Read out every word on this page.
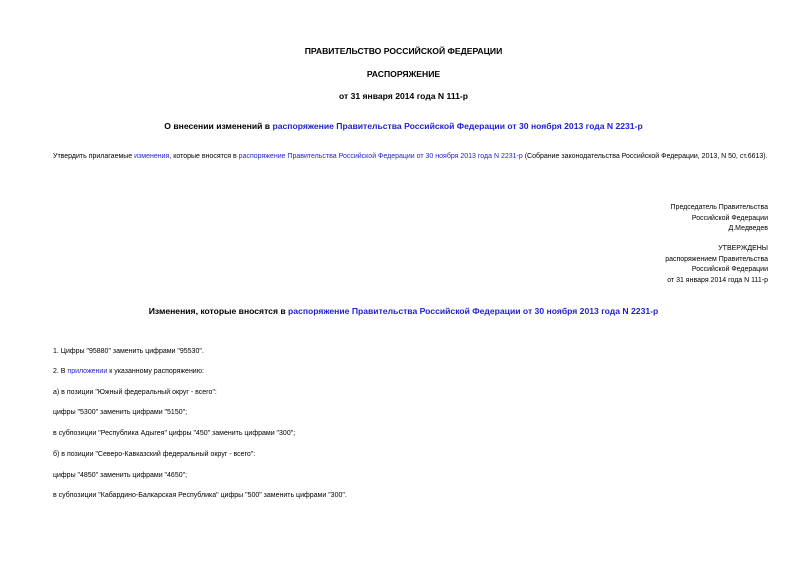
ПРАВИТЕЛЬСТВО РОССИЙСКОЙ ФЕДЕРАЦИИ
РАСПОРЯЖЕНИЕ
от 31 января 2014 года N 111-р
О внесении изменений в распоряжение Правительства Российской Федерации от 30 ноября 2013 года N 2231-р
Утвердить прилагаемые изменения, которые вносятся в распоряжение Правительства Российской Федерации от 30 ноября 2013 года N 2231-р (Собрание законодательства Российской Федерации, 2013, N 50, ст.6613).
Председатель Правительства
Российской Федерации
Д.Медведев
УТВЕРЖДЕНЫ
распоряжением Правительства
Российской Федерации
от 31 января 2014 года N 111-р
Изменения, которые вносятся в распоряжение Правительства Российской Федерации от 30 ноября 2013 года N 2231-р
1. Цифры "95880" заменить цифрами "95530".
2. В приложении к указанному распоряжению:
а) в позиции "Южный федеральный округ - всего":
цифры "5300" заменить цифрами "5150";
в субпозиции "Республика Адыгея" цифры "450" заменить цифрами "300";
б) в позиции "Северо-Кавказский федеральный округ - всего":
цифры "4850" заменить цифрами "4650";
в субпозиции "Кабардино-Балкарская Республика" цифры "500" заменить цифрами "300".
